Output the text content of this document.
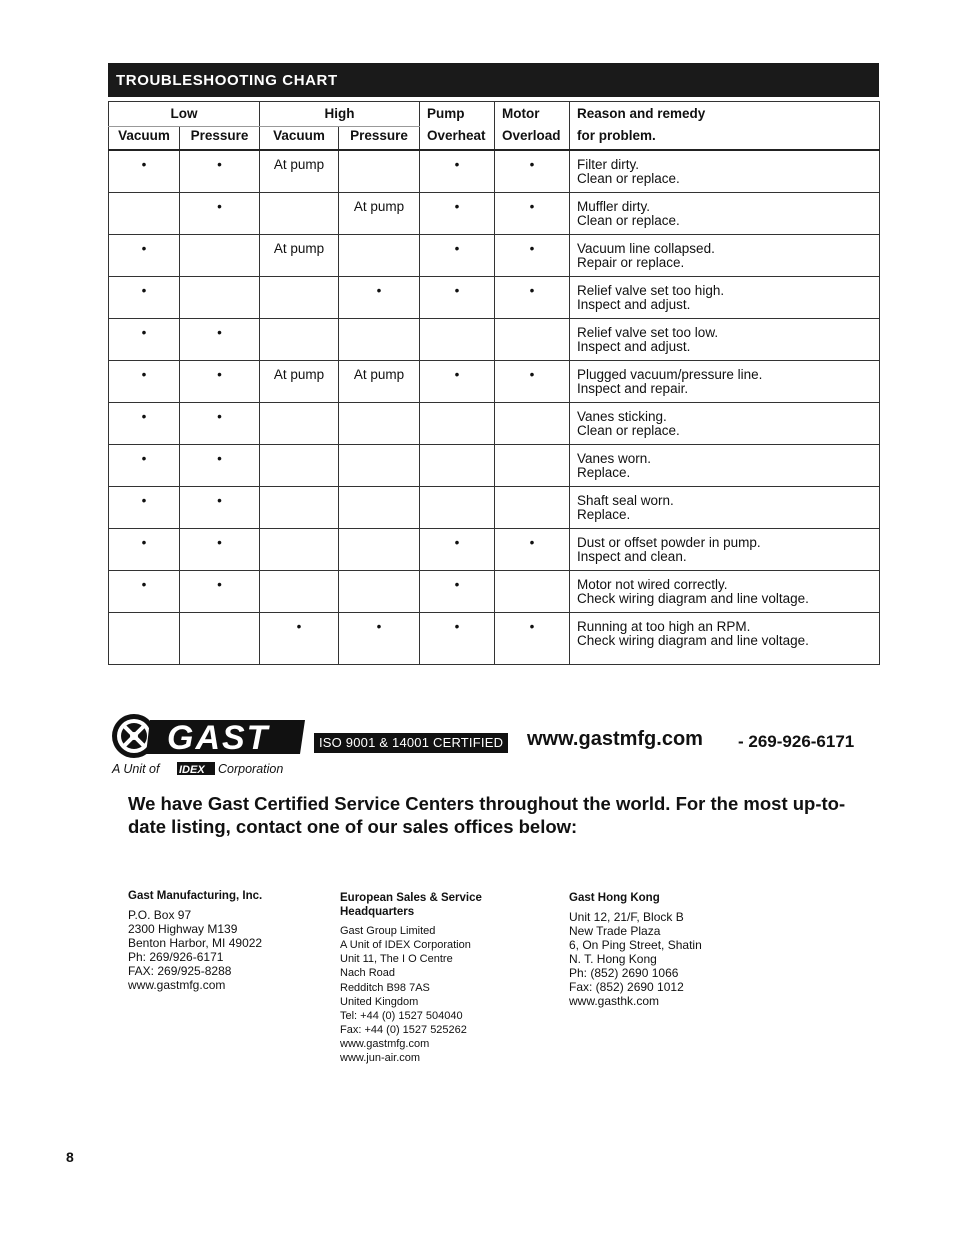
TROUBLESHOOTING CHART
Low		High		Pump	Motor	Reason and remedy
Vacuum	Pressure	Vacuum	Pressure	Overheat	Overload	for problem.
•	•	At pump		•	•	Filter dirty.
Clean or replace.

	•		At pump	•	•	Muffler dirty.
Clean or replace.

•		At pump		•	•	Vacuum line collapsed.
Repair or replace.

•			•	•	•	Relief valve set too high.
Inspect and adjust.

•	•					Relief valve set too low.
Inspect and adjust.

•	•	At pump	At pump	•	•	Plugged vacuum/pressure line.
Inspect and repair.

•	•					Vanes sticking.
Clean or replace.

•	•					Vanes worn.
Replace.

•	•					Shaft seal worn.
Replace.

•	•			•	•	Dust or offset powder in pump.
Inspect and clean.

•	•			•		Motor not wired correctly.
Check wiring diagram and line voltage.

		•	•	•	•	Running at too high an RPM.
Check wiring diagram and line voltage.
GAST
A Unit of IDEX Corporation
ISO 9001 & 14001 CERTIFIED www.gastmfg.com - 269-926-6171
We have Gast Certified Service Centers throughout the world. For the most up-to-date listing, contact one of our sales offices below:
Gast Manufacturing, Inc.
P.O. Box 97
2300 Highway M139
Benton Harbor, MI 49022
Ph: 269/926-6171
FAX: 269/925-8288
www.gastmfg.com
European Sales & Service
Headquarters
Gast Group Limited
A Unit of IDEX Corporation
Unit 11, The I O Centre
Nach Road
Redditch B98 7AS
United Kingdom
Tel: +44 (0) 1527 504040
Fax: +44 (0) 1527 525262
www.gastmfg.com
www.jun-air.com
Gast Hong Kong
Unit 12, 21/F, Block B
New Trade Plaza
6, On Ping Street, Shatin
N. T. Hong Kong
Ph: (852) 2690 1066
Fax: (852) 2690 1012
www.gasthk.com
8
